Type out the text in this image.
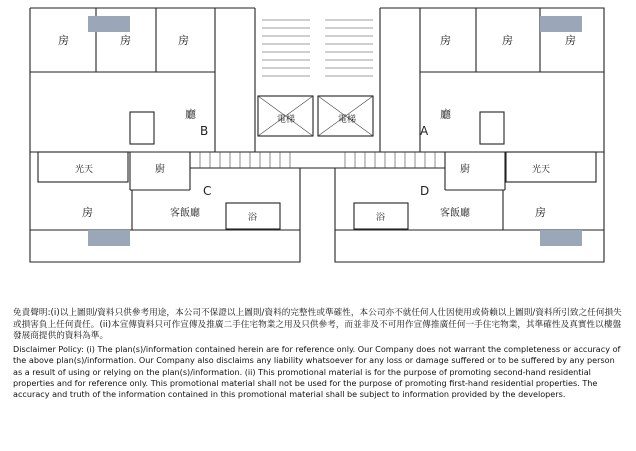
房	房	房	房	房	房
廳	廳
B	A
C	D
光天	光天
廚	廚
房	房
客飯廳	客飯廳
浴	浴
電梯	電梯
免責聲明:(i)以上圖則/資料只供參考用途，本公司不保證以上圖則/資料的完整性或準確性，本公司亦不就任何人仕因使用或倚賴以上圖則/資料所引致之任何損失或損害負上任何責任。(ii)本宣傳資料只可作宣傳及推廣二手住宅物業之用及只供參考，而並非及不可用作宣傳推廣任何一手住宅物業，其準確性及真實性以樓盤發展商提供的資料為準。
Disclaimer Policy: (i) The plan(s)/information contained herein are for reference only. Our Company does not warrant the completeness or accuracy of the above plan(s)/information. Our Company also disclaims any liability whatsoever for any loss or damage suffered or to be suffered by any person as a result of using or relying on the plan(s)/information. (ii) This promotional material is for the purpose of promoting second-hand residential properties and for reference only. This promotional material shall not be used for the purpose of promoting first-hand residential properties. The accuracy and truth of the information contained in this promotional material shall be subject to information provided by the developers.
